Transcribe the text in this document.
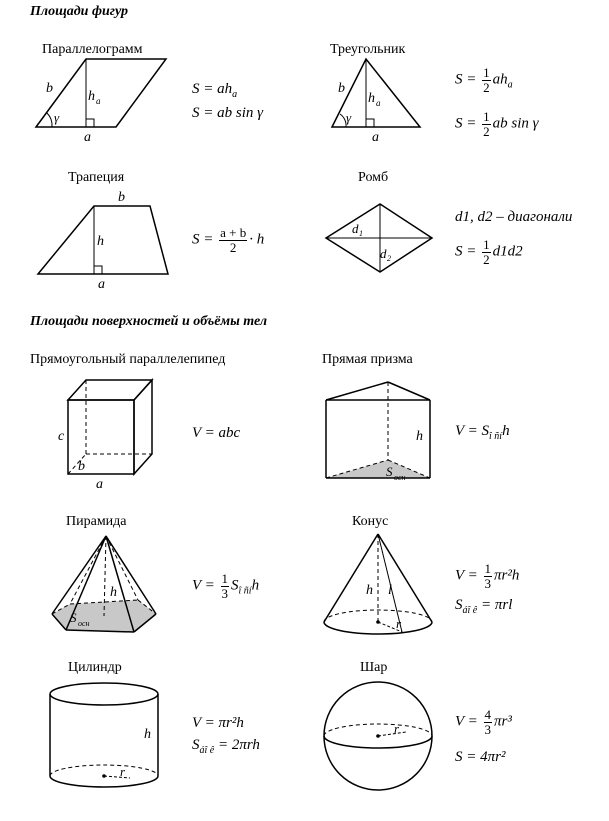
Площади фигур
Площади поверхностей и объёмы тел
Параллелограмм
b
h a
γ
a
$S = ah_a$
S = ab sin γ
Треугольник
b
h a
γ
a
$S = \frac{1}{2} ah_a$
$S = \frac{1}{2}$ ab sin γ
Трапеция
b
h
a
$S = \frac{a + b}{2} \cdot h$
Ромб
d 1
d 2
d1, d2 – диагонали
$S = \frac{1}{2} d1d2$
Прямоугольный параллелепипед
c
b
a
V = abc
Прямая призма
h
S осн
$V = S_{î ñí}h$
Пирамида
h
S осн
$V = \frac{1}{3} S_{î ñí}h$
Конус
h l
r
$V = \frac{1}{3} \pi r^2h$
$S_{áî ê} = \pi rl$
Цилиндр
h
r
V = πr²h
$S_{áî ê} = 2\pi rh$
Шар
r	$V = \frac{4}{3} \pi r^3$
S = 4πr²
